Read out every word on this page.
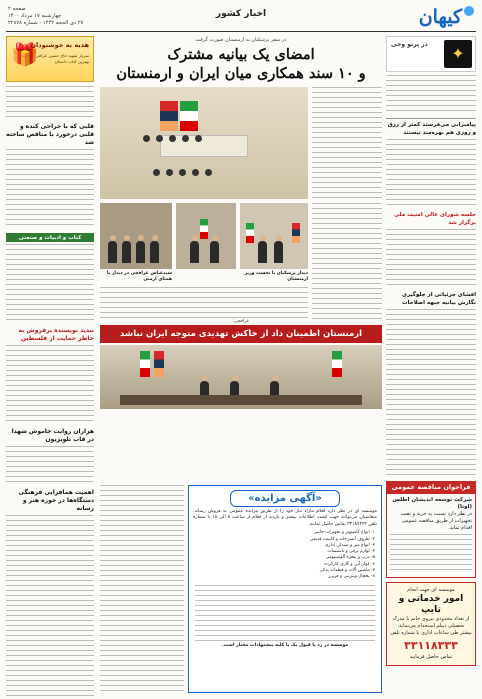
کیهان
اخبار کشور
صفحه ۲
چهارشنبه ۱۷ مرداد ۱۴۰۰
۲۷ ذی الحجه ۱۴۴۲ - شماره ۲۲۸۷۸
✦
در پرتو وحی
پیامبرانی می‌فرستد کمتر از رزق و روزی هم بهره‌مند نیستند
جلسه شورای عالی امنیت ملی برگزار شد
افشای جزئیاتی از جلوگیری نگارش بیانیه جبهه اصلاحات
فراخوان مناقصه عمومی
شرکت توسعه اندیشان اطلس (اوتا)
در نظر دارد نسبت به خرید و نصب تجهیزات از طریق مناقصه عمومی اقدام نماید.
موسسه ای جهت انجام
امور خدماتی و تایپ
از تعداد محدودی نیروی خانم با مدرک تحصیلی دیپلم استخدام می‌نماید.
بیشتر طی ساعات اداری با شماره تلفن
۳۳۱۱۸۳۳۳
تماس حاصل فرمایید
🎁
هدیه به خوشنودان
سرباز شهید حاج حسین عراقی بهترین کتاب داستان
قلبی که با جراحی کنده و قلبی درخورد با مناقص ساخته شد
کتاب و ادبیات و صنعتی
تبدید نویسنده پرفروش به خاطر حمایت از فلسطین
هزاران روایت خاموش شهدا در قاب تلویزیون
اهمیت همافزایی فرهنگی دستگاه‌ها در حوزه هنر و رسانه
در سفر پزشکیان به ارمنستان صورت گرفت
امضای یک بیانیه مشترک
و ۱۰ سند همکاری میان ایران و ارمنستان
دیدار پزشکیان با نخست وزیر ارمنستان
سیدعباس عراقچی در دیدار با همتای ارمنی
عراقچی:
ارمنستان اطمینان داد از خاکش تهدیدی متوجه ایران نباشد
«آگهی مزایده»
موسسه ای در نظر دارد اقلام مازاد نیاز خود را از طریق مزایده عمومی به فروش رساند. متقاضیان می‌توانند جهت کسب اطلاعات بیشتر و بازدید از اقلام از ساعت ۸ الی ۱۸ با شماره تلفن ۳۳۱۸۹۳۴۲ تماس حاصل نمایند.
۱- انواع کامپیوتر و تجهیزات جانبی
۲- ظروف آشپزخانه و کابینت قدیمی
۳- انواع میز و صندلی اداری
۴- لوازم برقی و تاسیسات
۵- درب و پنجره آلومینیومی
۶- کولر آبی و گازی کارکرده
۷- ماشین آلات و قطعات یدکی
۸- یخچال ویترینی و فریزر
موسسه در رد یا قبول یک یا کلیه پیشنهادات مختار است.
